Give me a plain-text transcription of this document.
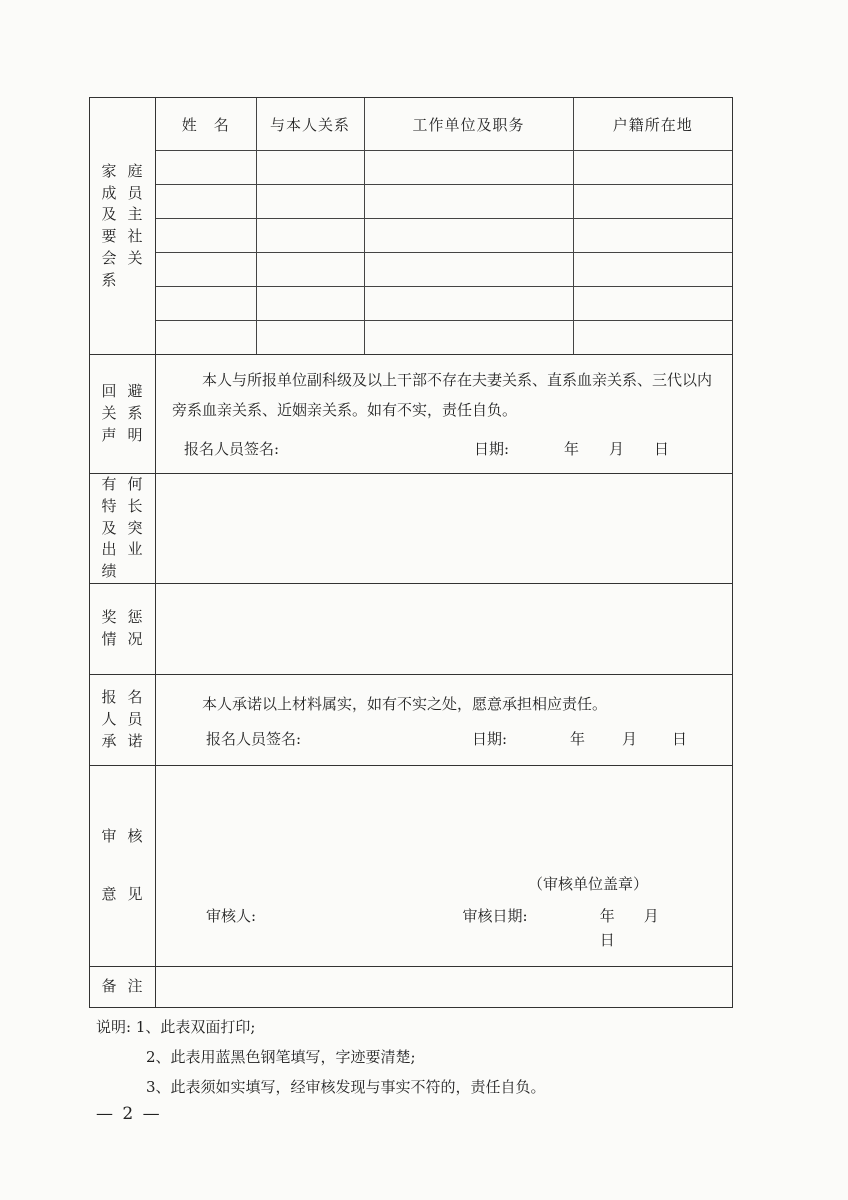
家 庭
成 员
及 主
要 社
会 关
系

姓　名	与本人关系	工作单位及职务	户籍所在地

回 避
关 系
声 明

本人与所报单位副科级及以上干部不存在夫妻关系、直系血亲关系、三代以内旁系血亲关系、近姻亲关系。如有不实，责任自负。

报名人员签名:	日期:	年 月 日

有 何
特 长
及 突
出 业
绩

奖 惩
情 况

报 名
人 员
承 诺

本人承诺以上材料属实，如有不实之处，愿意承担相应责任。

报名人员签名:	日期:	年 月 日

审 核
意 见

（审核单位盖章）
审核人:	审核日期:	年 月日

备 注

说明: 1、此表双面打印;
2、此表用蓝黑色钢笔填写，字迹要清楚;
3、此表须如实填写，经审核发现与事实不符的，责任自负。
— 2 —
